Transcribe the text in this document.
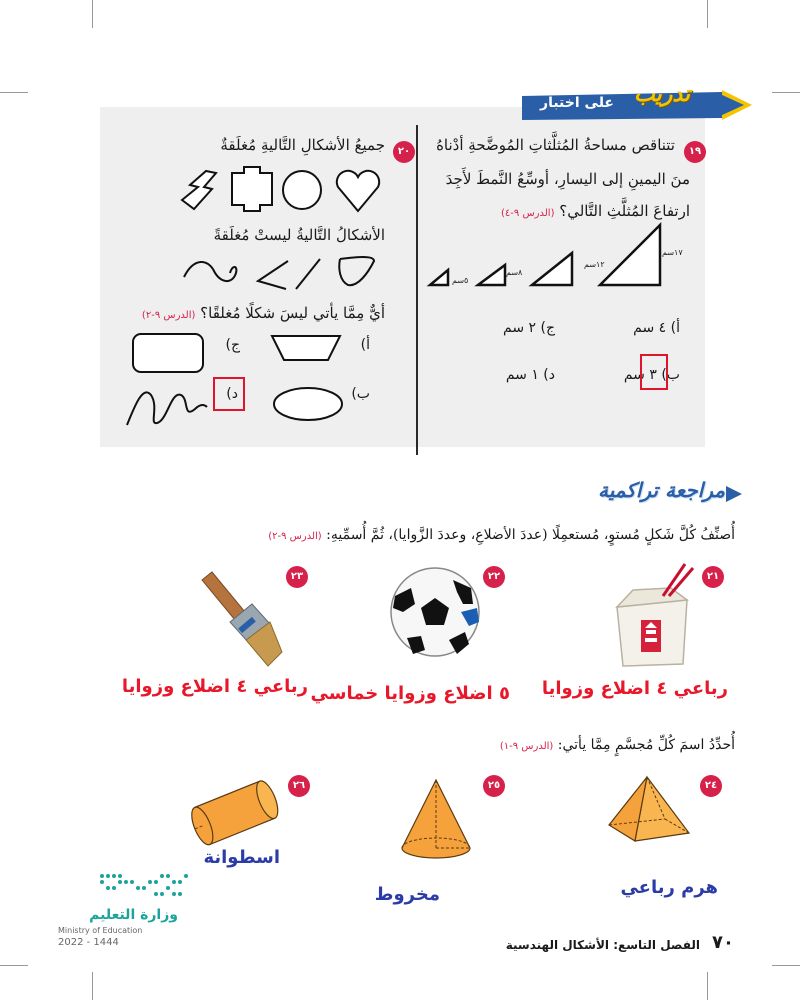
تدريب
على اختبار
١٩
تتناقص مساحةُ المُثلَّثاتِ المُوضَّحةِ أدْناهُ
منَ اليمينِ إلى اليسارِ، أوسِّعُ النَّمطَ لأَجِدَ
ارتفاعَ المُثلَّثِ التَّالي؟ (الدرس ٩-٤)
١٧سم
١٢سم
٨سم
٥سم
أ) ٤ سم
ج) ٢ سم
ب) ٣ سم
د) ١ سم
٢٠
جميعُ الأشكالِ التَّاليةِ مُغلَقةٌ
الأشكالُ التَّاليةُ ليستْ مُغلَقةً
أيٌّ مِمَّا يأتي ليسَ شكلًا مُغلقًا؟ (الدرس ٩-٢)
أ)
ج)
ب)
د)
مراجعة تراكمية
أُصنِّفُ كُلَّ شَكلٍ مُستوٍ، مُستعمِلًا (عددَ الأضلاعِ، وعددَ الزَّوايا)، ثُمَّ أُسمِّيهِ: (الدرس ٩-٢)
٢١
رباعي ٤ اضلاع وزوايا
٢٢
٥ اضلاع وزوايا خماسي
٢٣
رباعي ٤ اضلاع وزوايا
أُحدِّدُ اسمَ كُلِّ مُجسَّمٍ مِمَّا يأتي: (الدرس ٩-١)
٢٤
هرم رباعي
٢٥
مخروط
٢٦
اسطوانة
وزارة التعليم
Ministry of Education
2022 - 1444	الفصل التاسع: الأشكال الهندسية	٧٠
